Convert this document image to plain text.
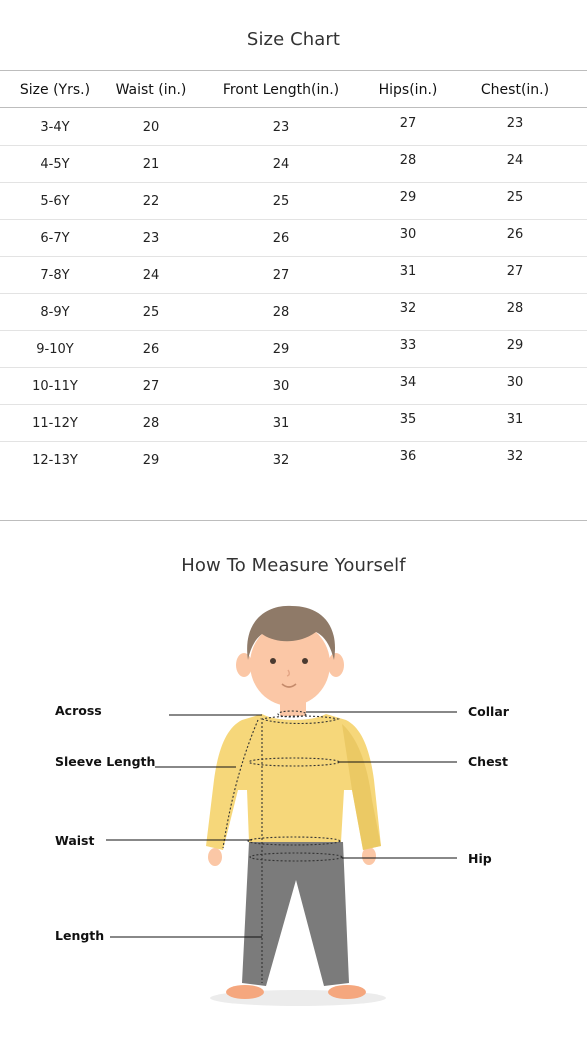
Size Chart
Size (Yrs.)	Waist (in.)	Front Length(in.)	Hips(in.)	Chest(in.)
3-4Y	20	23	27	23
4-5Y	21	24	28	24
5-6Y	22	25	29	25
6-7Y	23	26	30	26
7-8Y	24	27	31	27
8-9Y	25	28	32	28
9-10Y	26	29	33	29
10-11Y	27	30	34	30
11-12Y	28	31	35	31
12-13Y	29	32	36	32
How To Measure Yourself
Across
Sleeve Length
Waist
Length
Collar
Chest
Hip
